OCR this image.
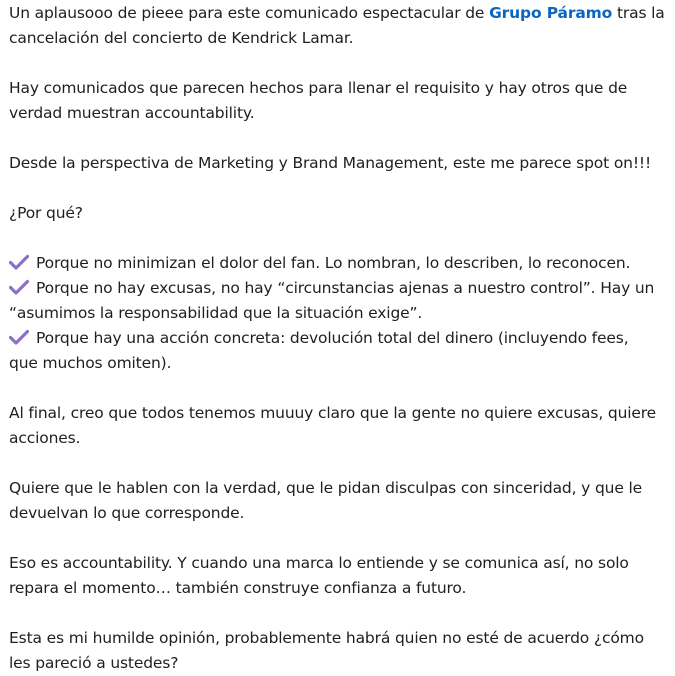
Un aplausooo de pieee para este comunicado espectacular de Grupo Páramo tras la
cancelación del concierto de Kendrick Lamar.
Hay comunicados que parecen hechos para llenar el requisito y hay otros que de
verdad muestran accountability.
Desde la perspectiva de Marketing y Brand Management, este me parece spot on!!!
¿Por qué?
Porque no minimizan el dolor del fan. Lo nombran, lo describen, lo reconocen.
Porque no hay excusas, no hay “circunstancias ajenas a nuestro control”. Hay un
“asumimos la responsabilidad que la situación exige”.
Porque hay una acción concreta: devolución total del dinero (incluyendo fees,
que muchos omiten).
Al final, creo que todos tenemos muuuy claro que la gente no quiere excusas, quiere
acciones.
Quiere que le hablen con la verdad, que le pidan disculpas con sinceridad, y que le
devuelvan lo que corresponde.
Eso es accountability. Y cuando una marca lo entiende y se comunica así, no solo
repara el momento… también construye confianza a futuro.
Esta es mi humilde opinión, probablemente habrá quien no esté de acuerdo ¿cómo
les pareció a ustedes?
